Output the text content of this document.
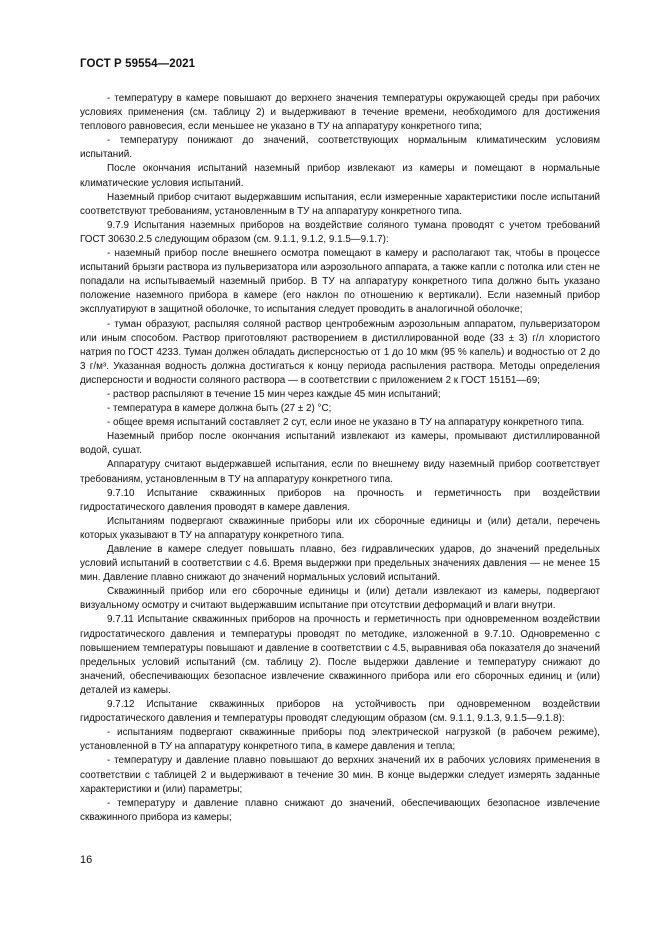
ГОСТ Р 59554—2021

- температуру в камере повышают до верхнего значения температуры окружающей среды при рабочих условиях применения (см. таблицу 2) и выдерживают в течение времени, необходимого для достижения теплового равновесия, если меньшее не указано в ТУ на аппаратуру конкретного типа;

- температуру понижают до значений, соответствующих нормальным климатическим условиям испытаний.

После окончания испытаний наземный прибор извлекают из камеры и помещают в нормальные климатические условия испытаний.

Наземный прибор считают выдержавшим испытания, если измеренные характеристики после испытаний соответствуют требованиям, установленным в ТУ на аппаратуру конкретного типа.

9.7.9 Испытания наземных приборов на воздействие соляного тумана проводят с учетом требований ГОСТ 30630.2.5 следующим образом (см. 9.1.1, 9.1.2, 9.1.5—9.1.7):

- наземный прибор после внешнего осмотра помещают в камеру и располагают так, чтобы в процессе испытаний брызги раствора из пульверизатора или аэрозольного аппарата, а также капли с потолка или стен не попадали на испытываемый наземный прибор. В ТУ на аппаратуру конкретного типа должно быть указано положение наземного прибора в камере (его наклон по отношению к вертикали). Если наземный прибор эксплуатируют в защитной оболочке, то испытания следует проводить в аналогичной оболочке;

- туман образуют, распыляя соляной раствор центробежным аэрозольным аппаратом, пульверизатором или иным способом. Раствор приготовляют растворением в дистиллированной воде (33 ± 3) г/л хлористого натрия по ГОСТ 4233. Туман должен обладать дисперсностью от 1 до 10 мкм (95 % капель) и водностью от 2 до 3 г/м³. Указанная водность должна достигаться к концу периода распыления раствора. Методы определения дисперсности и водности соляного раствора — в соответствии с приложением 2 к ГОСТ 15151—69;

- раствор распыляют в течение 15 мин через каждые 45 мин испытаний;

- температура в камере должна быть (27 ± 2) °С;

- общее время испытаний составляет 2 сут, если иное не указано в ТУ на аппаратуру конкретного типа.

Наземный прибор после окончания испытаний извлекают из камеры, промывают дистиллированной водой, сушат.

Аппаратуру считают выдержавшей испытания, если по внешнему виду наземный прибор соответствует требованиям, установленным в ТУ на аппаратуру конкретного типа.

9.7.10 Испытание скважинных приборов на прочность и герметичность при воздействии гидростатического давления проводят в камере давления.

Испытаниям подвергают скважинные приборы или их сборочные единицы и (или) детали, перечень которых указывают в ТУ на аппаратуру конкретного типа.

Давление в камере следует повышать плавно, без гидравлических ударов, до значений предельных условий испытаний в соответствии с 4.6. Время выдержки при предельных значениях давления — не менее 15 мин. Давление плавно снижают до значений нормальных условий испытаний.

Скважинный прибор или его сборочные единицы и (или) детали извлекают из камеры, подвергают визуальному осмотру и считают выдержавшим испытание при отсутствии деформаций и влаги внутри.

9.7.11 Испытание скважинных приборов на прочность и герметичность при одновременном воздействии гидростатического давления и температуры проводят по методике, изложенной в 9.7.10. Одновременно с повышением температуры повышают и давление в соответствии с 4.5, выравнивая оба показателя до значений предельных условий испытаний (см. таблицу 2). После выдержки давление и температуру снижают до значений, обеспечивающих безопасное извлечение скважинного прибора или его сборочных единиц и (или) деталей из камеры.

9.7.12 Испытание скважинных приборов на устойчивость при одновременном воздействии гидростатического давления и температуры проводят следующим образом (см. 9.1.1, 9.1.3, 9.1.5—9.1.8):

- испытаниям подвергают скважинные приборы под электрической нагрузкой (в рабочем режиме), установленной в ТУ на аппаратуру конкретного типа, в камере давления и тепла;

- температуру и давление плавно повышают до верхних значений их в рабочих условиях применения в соответствии с таблицей 2 и выдерживают в течение 30 мин. В конце выдержки следует измерять заданные характеристики и (или) параметры;

- температуру и давление плавно снижают до значений, обеспечивающих безопасное извлечение скважинного прибора из камеры;

16
